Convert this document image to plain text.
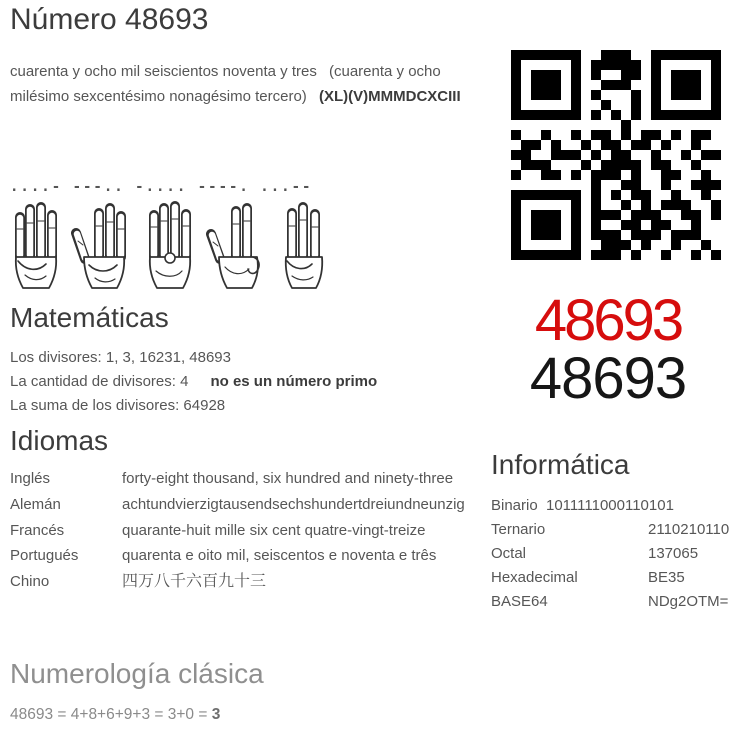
Número 48693
cuarenta y ocho mil seiscientos noventa y tres (cuarenta y ocho milésimo sexcentésimo nonagésimo tercero) (XL)(V)MMMDCXCIII
....- ---.. -.... ----. ...--
48693
48693
Matemáticas
Los divisores: 1, 3, 16231, 48693
La cantidad de divisores: 4 no es un número primo
La suma de los divisores: 64928
Idiomas
Inglés	forty-eight thousand, six hundred and ninety-three
Alemán	achtundvierzigtausendsechshundertdreiundneunzig
Francés	quarante-huit mille six cent quatre-vingt-treize
Portugués	quarenta e oito mil, seiscentos e noventa e três
Chino	四万八千六百九十三
Informática
Binario 1011111000110101
Ternario	2110210110
Octal	137065
Hexadecimal	BE35
BASE64	NDg2OTM=
Numerología clásica
48693 = 4+8+6+9+3 = 3+0 = 3
